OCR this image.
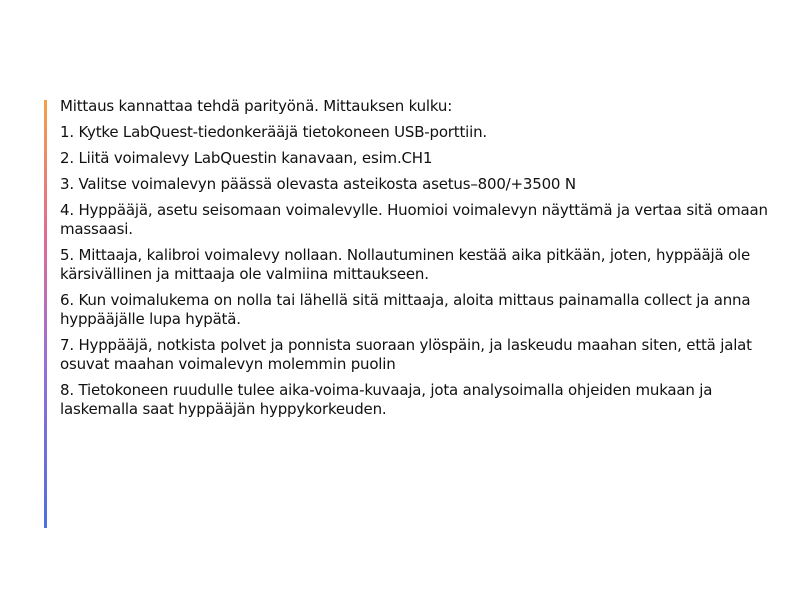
Mittaus kannattaa tehdä parityönä. Mittauksen kulku:

1. Kytke LabQuest-tiedonkerääjä tietokoneen USB-porttiin.

2. Liitä voimalevy LabQuestin kanavaan, esim.CH1

3. Valitse voimalevyn päässä olevasta asteikosta asetus–800/+3500 N

4. Hyppääjä, asetu seisomaan voimalevylle. Huomioi voimalevyn näyttämä ja vertaa sitä omaan massaasi.

5. Mittaaja, kalibroi voimalevy nollaan. Nollautuminen kestää aika pitkään, joten, hyppääjä ole kärsivällinen ja mittaaja ole valmiina mittaukseen.

6. Kun voimalukema on nolla tai lähellä sitä mittaaja, aloita mittaus painamalla collect ja anna hyppääjälle lupa hypätä.

7. Hyppääjä, notkista polvet ja ponnista suoraan ylöspäin, ja laskeudu maahan siten, että jalat osuvat maahan voimalevyn molemmin puolin

8. Tietokoneen ruudulle tulee aika-voima-kuvaaja, jota analysoimalla ohjeiden mukaan ja laskemalla saat hyppääjän hyppykorkeuden.
